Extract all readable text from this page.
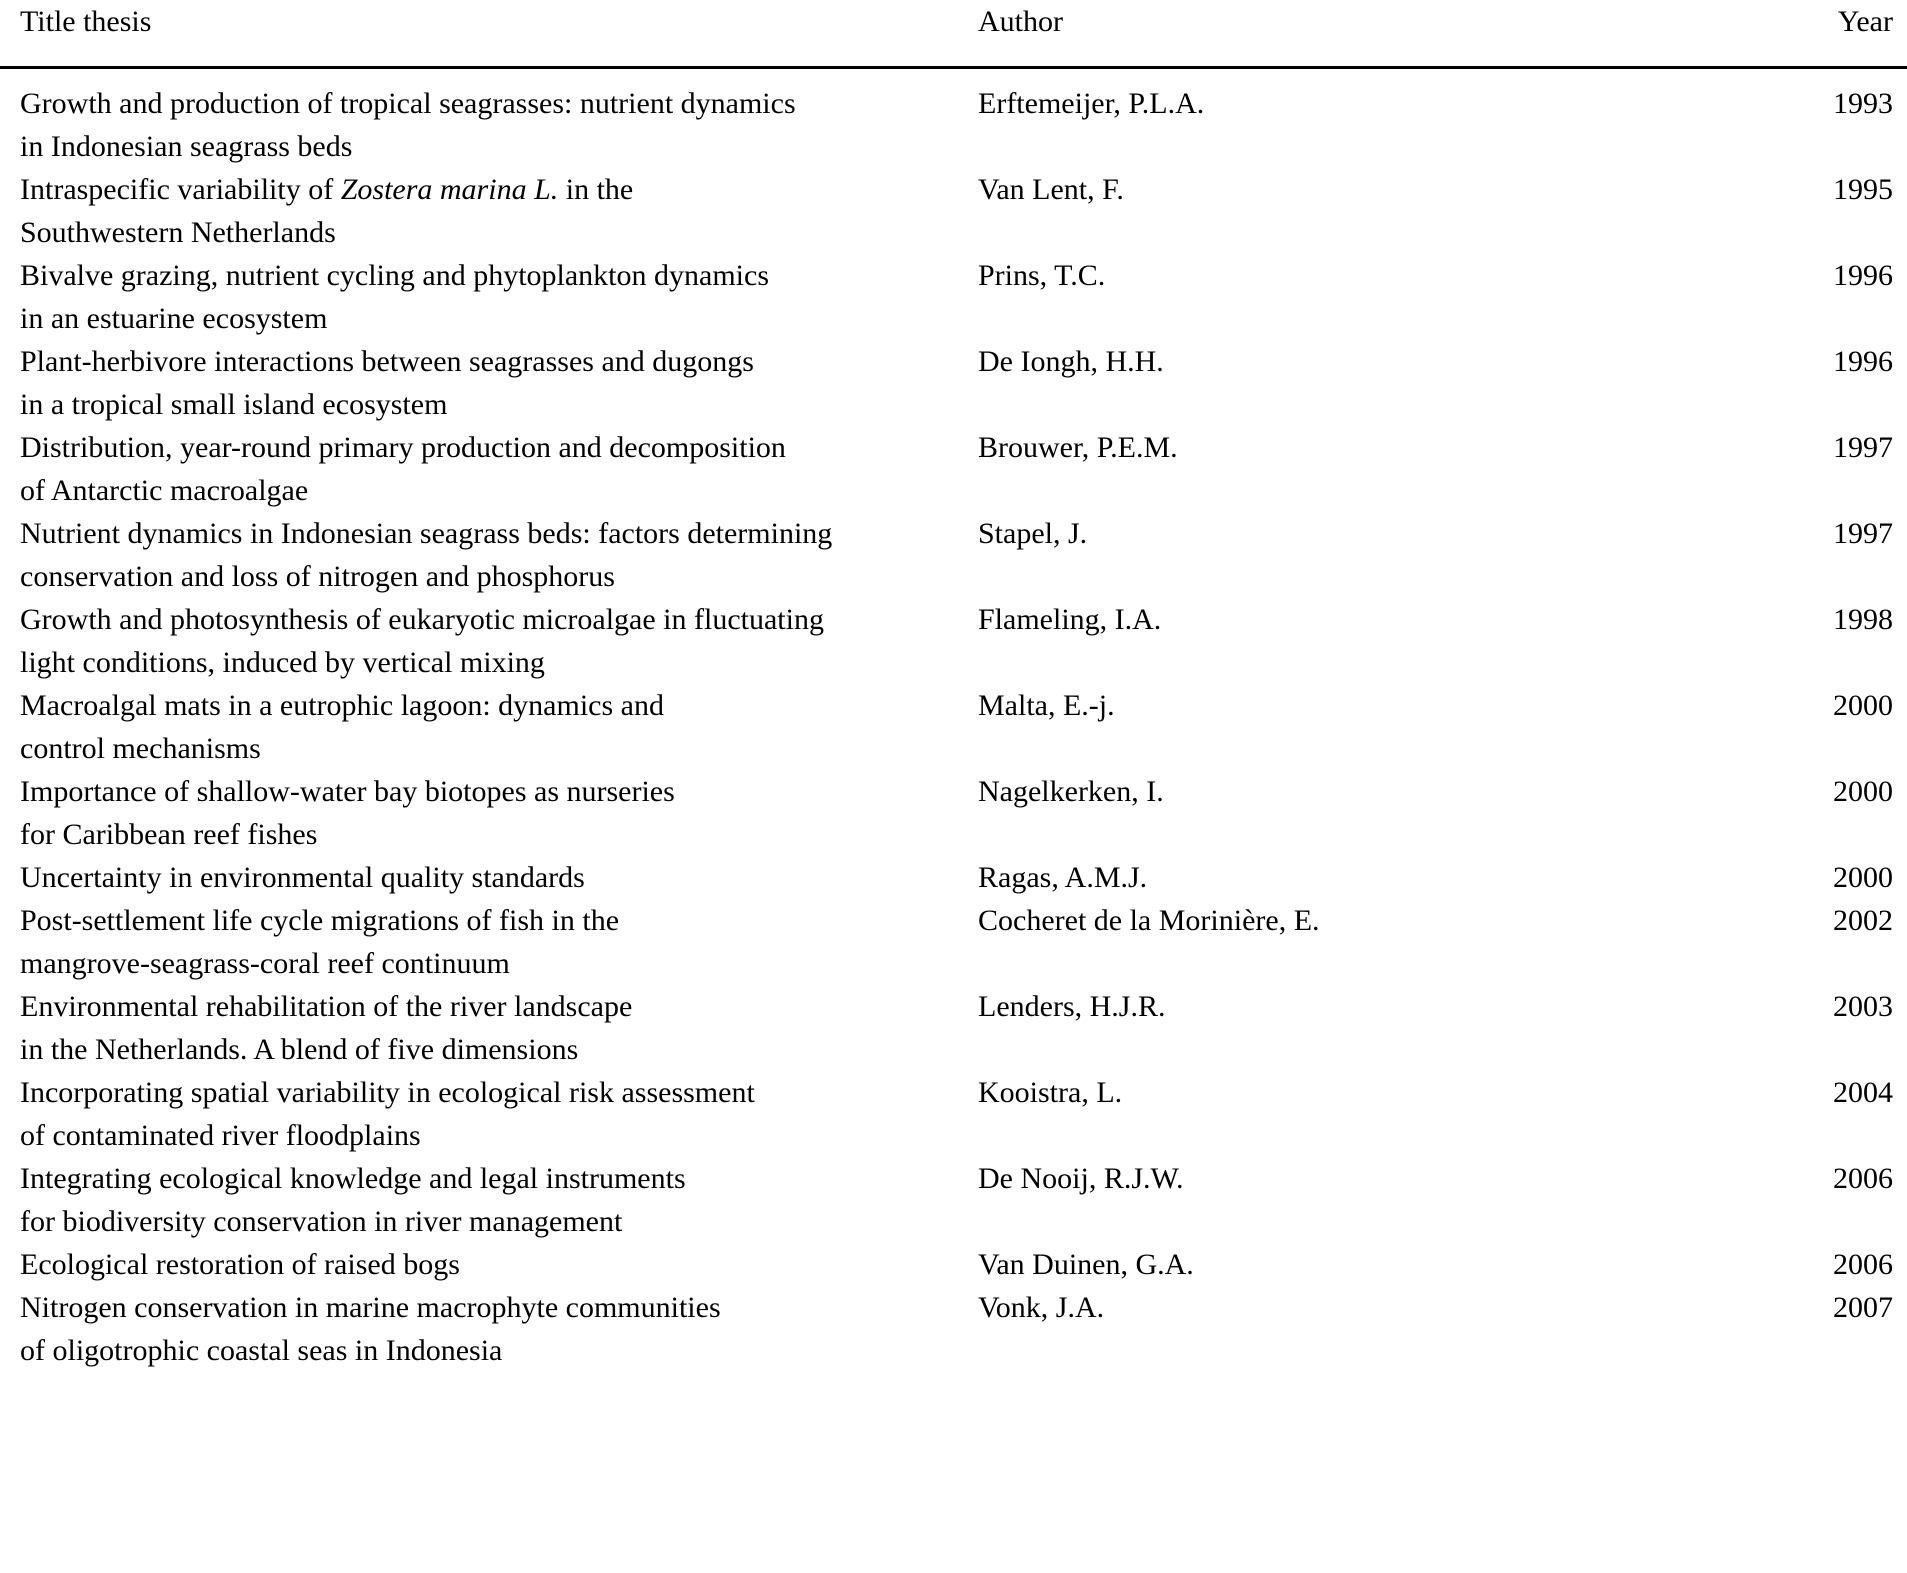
Title thesis	Author	Year

Growth and production of tropical seagrasses: nutrient dynamics
in Indonesian seagrass beds	Erftemeijer, P.L.A.	1993

Intraspecific variability of Zostera marina L. in the
Southwestern Netherlands	Van Lent, F.	1995

Bivalve grazing, nutrient cycling and phytoplankton dynamics
in an estuarine ecosystem	Prins, T.C.	1996

Plant-herbivore interactions between seagrasses and dugongs
in a tropical small island ecosystem	De Iongh, H.H.	1996

Distribution, year-round primary production and decomposition
of Antarctic macroalgae	Brouwer, P.E.M.	1997

Nutrient dynamics in Indonesian seagrass beds: factors determining
conservation and loss of nitrogen and phosphorus	Stapel, J.	1997

Growth and photosynthesis of eukaryotic microalgae in fluctuating
light conditions, induced by vertical mixing	Flameling, I.A.	1998

Macroalgal mats in a eutrophic lagoon: dynamics and
control mechanisms	Malta, E.-j.	2000

Importance of shallow-water bay biotopes as nurseries
for Caribbean reef fishes	Nagelkerken, I.	2000

Uncertainty in environmental quality standards	Ragas, A.M.J.	2000

Post-settlement life cycle migrations of fish in the
mangrove-seagrass-coral reef continuum	Cocheret de la Morinière, E.	2002

Environmental rehabilitation of the river landscape
in the Netherlands. A blend of five dimensions	Lenders, H.J.R.	2003

Incorporating spatial variability in ecological risk assessment
of contaminated river floodplains	Kooistra, L.	2004

Integrating ecological knowledge and legal instruments
for biodiversity conservation in river management	De Nooij, R.J.W.	2006

Ecological restoration of raised bogs	Van Duinen, G.A.	2006

Nitrogen conservation in marine macrophyte communities
of oligotrophic coastal seas in Indonesia	Vonk, J.A.	2007
